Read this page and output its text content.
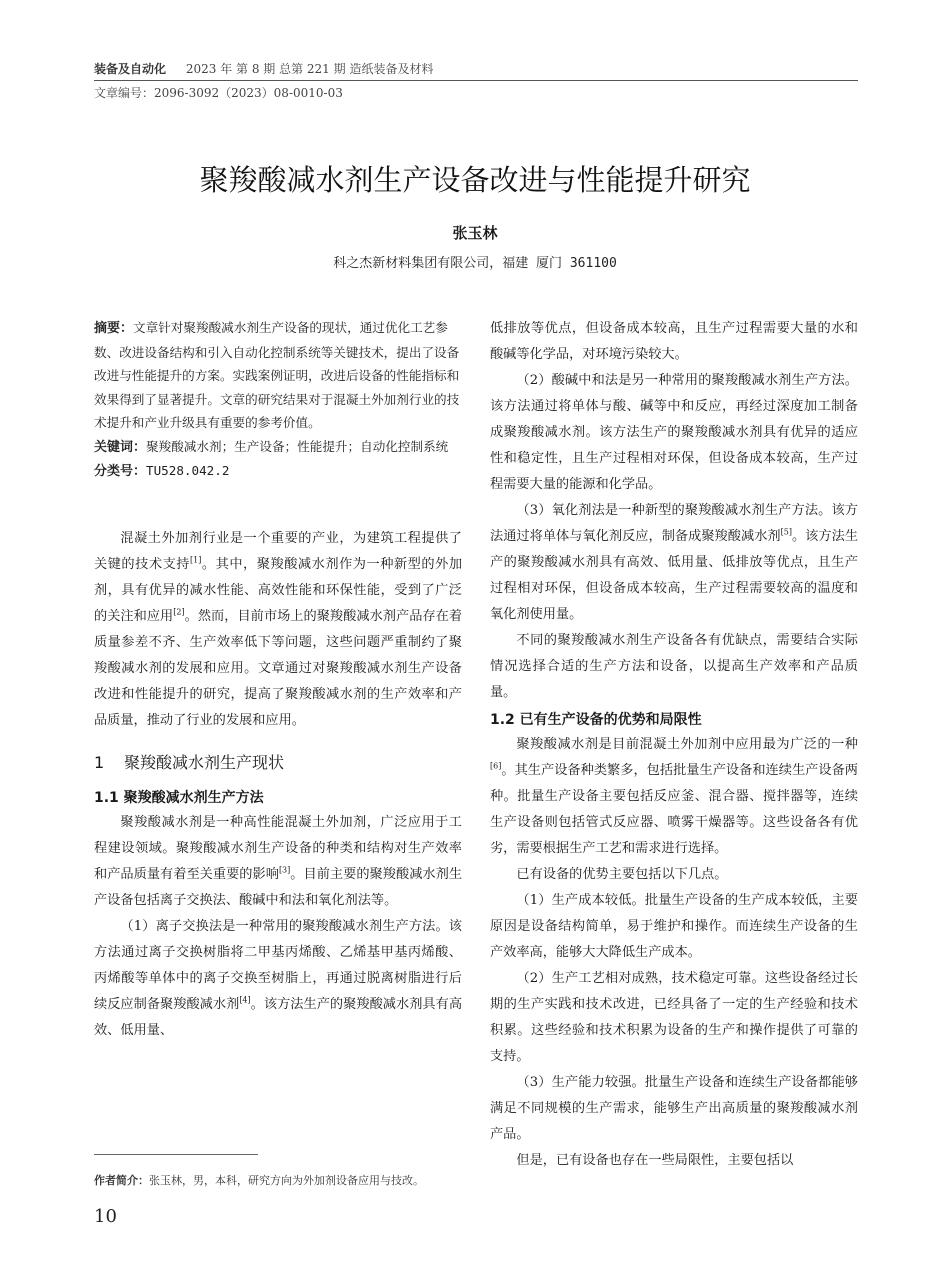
装备及自动化 2023 年 第 8 期 总第 221 期 造纸装备及材料
文章编号：2096-3092（2023）08-0010-03
聚羧酸减水剂生产设备改进与性能提升研究
张玉林
科之杰新材料集团有限公司，福建 厦门 361100

摘要：文章针对聚羧酸减水剂生产设备的现状，通过优化工艺参数、改进设备结构和引入自动化控制系统等关键技术，提出了设备改进与性能提升的方案。实践案例证明，改进后设备的性能指标和效果得到了显著提升。文章的研究结果对于混凝土外加剂行业的技术提升和产业升级具有重要的参考价值。

关键词：聚羧酸减水剂；生产设备；性能提升；自动化控制系统

分类号：TU528.042.2

混凝土外加剂行业是一个重要的产业，为建筑工程提供了关键的技术支持[1]。其中，聚羧酸减水剂作为一种新型的外加剂，具有优异的减水性能、高效性能和环保性能，受到了广泛的关注和应用[2]。然而，目前市场上的聚羧酸减水剂产品存在着质量参差不齐、生产效率低下等问题，这些问题严重制约了聚羧酸减水剂的发展和应用。文章通过对聚羧酸减水剂生产设备改进和性能提升的研究，提高了聚羧酸减水剂的生产效率和产品质量，推动了行业的发展和应用。

1 聚羧酸减水剂生产现状
1.1 聚羧酸减水剂生产方法

聚羧酸减水剂是一种高性能混凝土外加剂，广泛应用于工程建设领域。聚羧酸减水剂生产设备的种类和结构对生产效率和产品质量有着至关重要的影响[3]。目前主要的聚羧酸减水剂生产设备包括离子交换法、酸碱中和法和氧化剂法等。

（1）离子交换法是一种常用的聚羧酸减水剂生产方法。该方法通过离子交换树脂将二甲基丙烯酸、乙烯基甲基丙烯酸、丙烯酸等单体中的离子交换至树脂上，再通过脱离树脂进行后续反应制备聚羧酸减水剂[4]。该方法生产的聚羧酸减水剂具有高效、低用量、

低排放等优点，但设备成本较高，且生产过程需要大量的水和酸碱等化学品，对环境污染较大。

（2）酸碱中和法是另一种常用的聚羧酸减水剂生产方法。该方法通过将单体与酸、碱等中和反应，再经过深度加工制备成聚羧酸减水剂。该方法生产的聚羧酸减水剂具有优异的适应性和稳定性，且生产过程相对环保，但设备成本较高，生产过程需要大量的能源和化学品。

（3）氧化剂法是一种新型的聚羧酸减水剂生产方法。该方法通过将单体与氧化剂反应，制备成聚羧酸减水剂[5]。该方法生产的聚羧酸减水剂具有高效、低用量、低排放等优点，且生产过程相对环保，但设备成本较高，生产过程需要较高的温度和氧化剂使用量。

不同的聚羧酸减水剂生产设备各有优缺点，需要结合实际情况选择合适的生产方法和设备，以提高生产效率和产品质量。

1.2 已有生产设备的优势和局限性

聚羧酸减水剂是目前混凝土外加剂中应用最为广泛的一种[6]。其生产设备种类繁多，包括批量生产设备和连续生产设备两种。批量生产设备主要包括反应釜、混合器、搅拌器等，连续生产设备则包括管式反应器、喷雾干燥器等。这些设备各有优劣，需要根据生产工艺和需求进行选择。

已有设备的优势主要包括以下几点。

（1）生产成本较低。批量生产设备的生产成本较低，主要原因是设备结构简单，易于维护和操作。而连续生产设备的生产效率高，能够大大降低生产成本。

（2）生产工艺相对成熟，技术稳定可靠。这些设备经过长期的生产实践和技术改进，已经具备了一定的生产经验和技术积累。这些经验和技术积累为设备的生产和操作提供了可靠的支持。

（3）生产能力较强。批量生产设备和连续生产设备都能够满足不同规模的生产需求，能够生产出高质量的聚羧酸减水剂产品。

但是，已有设备也存在一些局限性，主要包括以

作者简介：张玉林，男，本科，研究方向为外加剂设备应用与技改。
10
